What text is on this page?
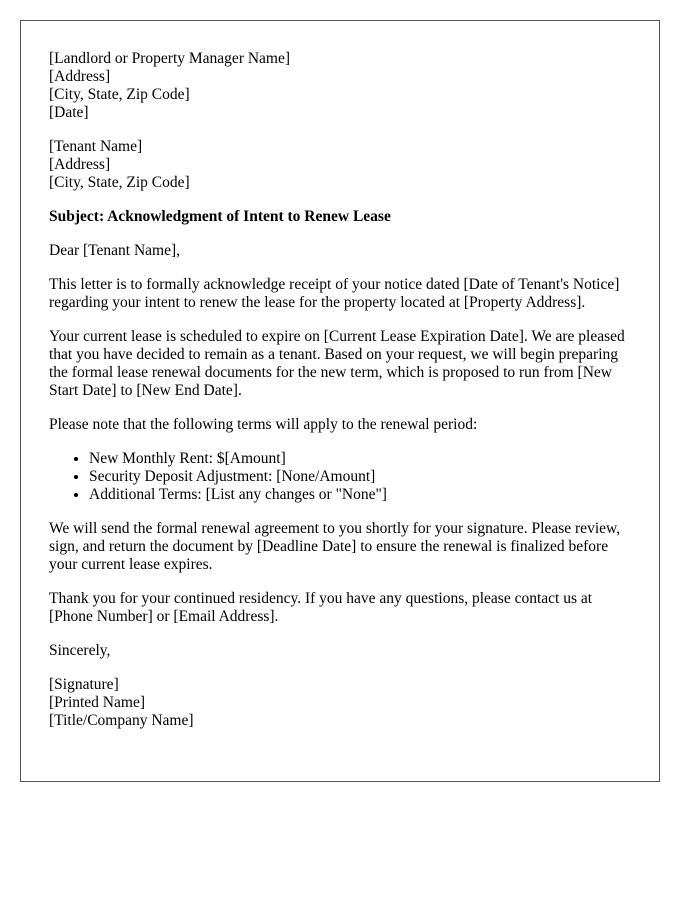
[Landlord or Property Manager Name]
[Address]
[City, State, Zip Code]
[Date]
[Tenant Name]
[Address]
[City, State, Zip Code]
Subject: Acknowledgment of Intent to Renew Lease

Dear [Tenant Name],

This letter is to formally acknowledge receipt of your notice dated [Date of Tenant's Notice] regarding your intent to renew the lease for the property located at [Property Address].

Your current lease is scheduled to expire on [Current Lease Expiration Date]. We are pleased that you have decided to remain as a tenant. Based on your request, we will begin preparing the formal lease renewal documents for the new term, which is proposed to run from [New Start Date] to [New End Date].

Please note that the following terms will apply to the renewal period:

• New Monthly Rent: $[Amount]
• Security Deposit Adjustment: [None/Amount]
• Additional Terms: [List any changes or "None"]

We will send the formal renewal agreement to you shortly for your signature. Please review, sign, and return the document by [Deadline Date] to ensure the renewal is finalized before your current lease expires.

Thank you for your continued residency. If you have any questions, please contact us at [Phone Number] or [Email Address].

Sincerely,

[Signature]
[Printed Name]
[Title/Company Name]
